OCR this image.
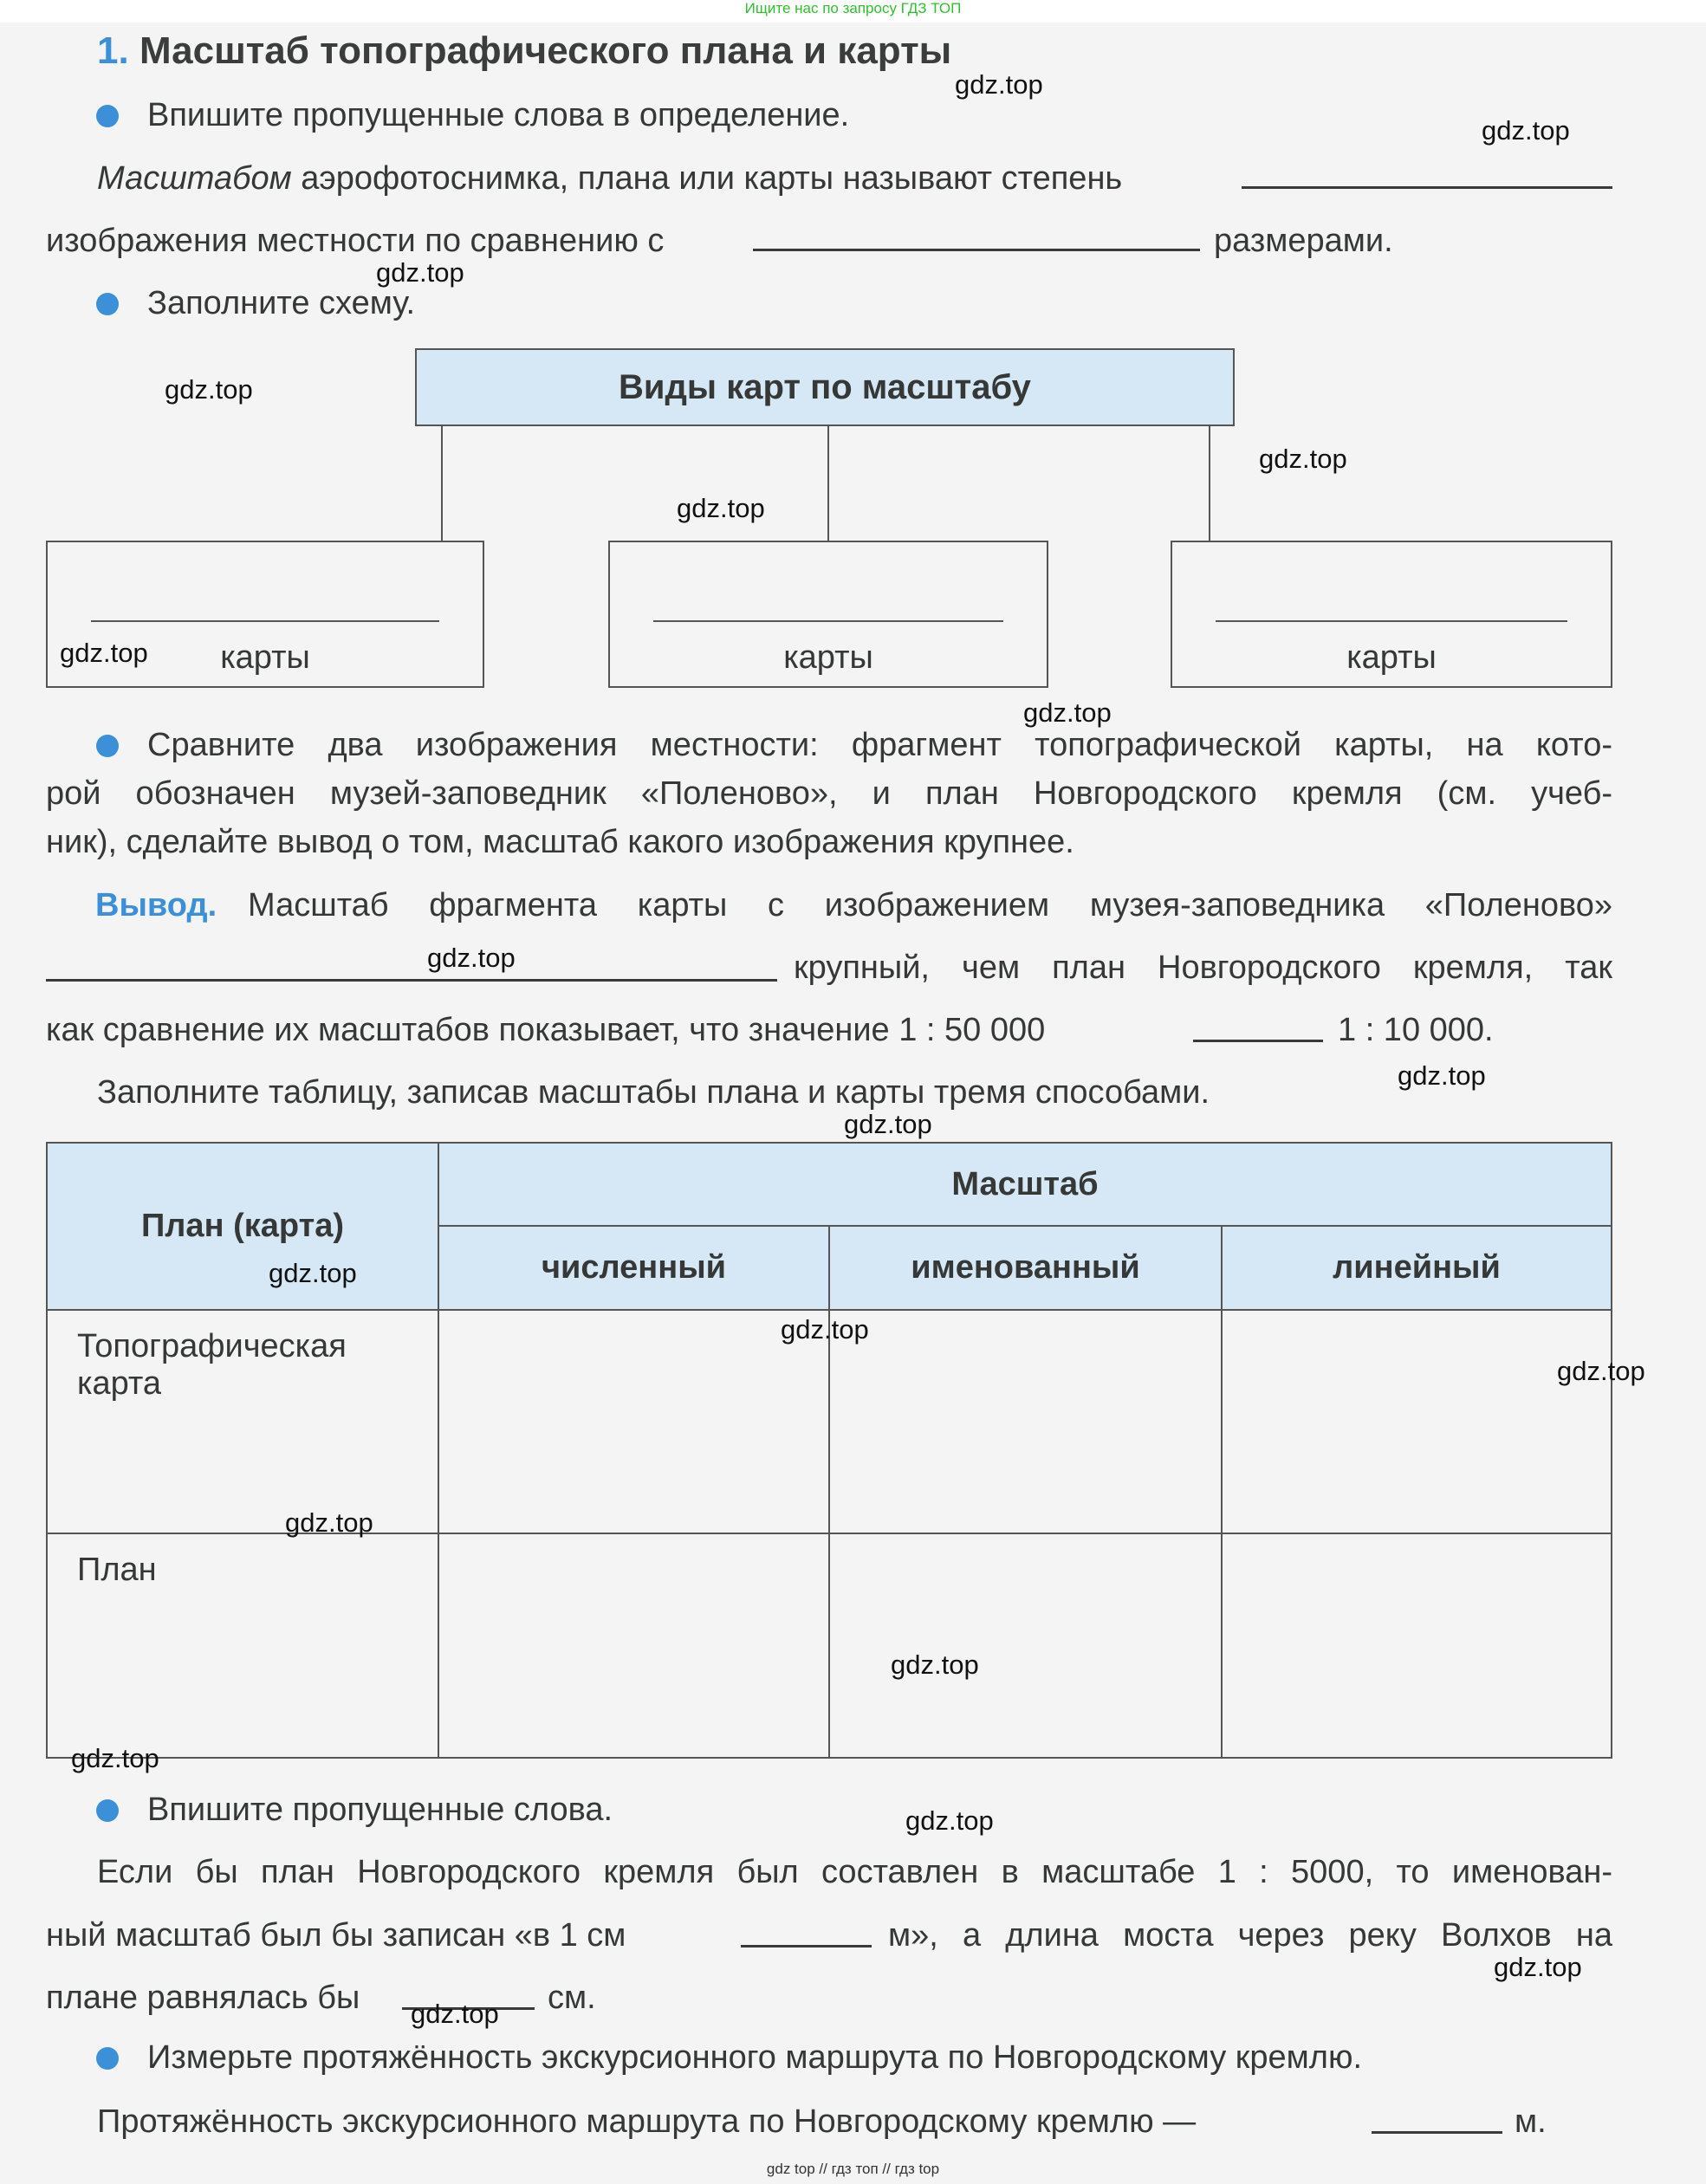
Ищите нас по запросу ГДЗ ТОП
1. Масштаб топографического плана и карты
Впишите пропущенные слова в определение.
Масштабом аэрофотоснимка, плана или карты называют степень
изображения местности по сравнению с	размерами.
Заполните схему.
Виды карт по масштабу
карты	карты	карты
Сравните два изображения местности: фрагмент топографической карты, на кото-
рой обозначен музей-заповедник «Поленово», и план Новгородского кремля (см. учеб-
ник), сделайте вывод о том, масштаб какого изображения крупнее.
Вывод. Масштаб фрагмента карты с изображением музея-заповедника «Поленово»
крупный, чем план Новгородского кремля, так
как сравнение их масштабов показывает, что значение 1 : 50 000	1 : 10 000.
Заполните таблицу, записав масштабы плана и карты тремя способами.
План (карта)	Масштаб		
	численный	именованный	линейный
Топографическая карта			
План			
Впишите пропущенные слова.
Если бы план Новгородского кремля был составлен в масштабе 1 : 5000, то именован-
ный масштаб был бы записан «в 1 см	м», а длина моста через реку Волхов на
плане равнялась бы	см.
Измерьте протяжённость экскурсионного маршрута по Новгородскому кремлю.
Протяжённость экскурсионного маршрута по Новгородскому кремлю —	м.
gdz top // гдз топ // гдз top
gdz.top
gdz.top
gdz.top
gdz.top
gdz.top
gdz.top
gdz.top
gdz.top
gdz.top
gdz.top
gdz.top
gdz.top
gdz.top
gdz.top
gdz.top
gdz.top
gdz.top
gdz.top
gdz.top
gdz.top
